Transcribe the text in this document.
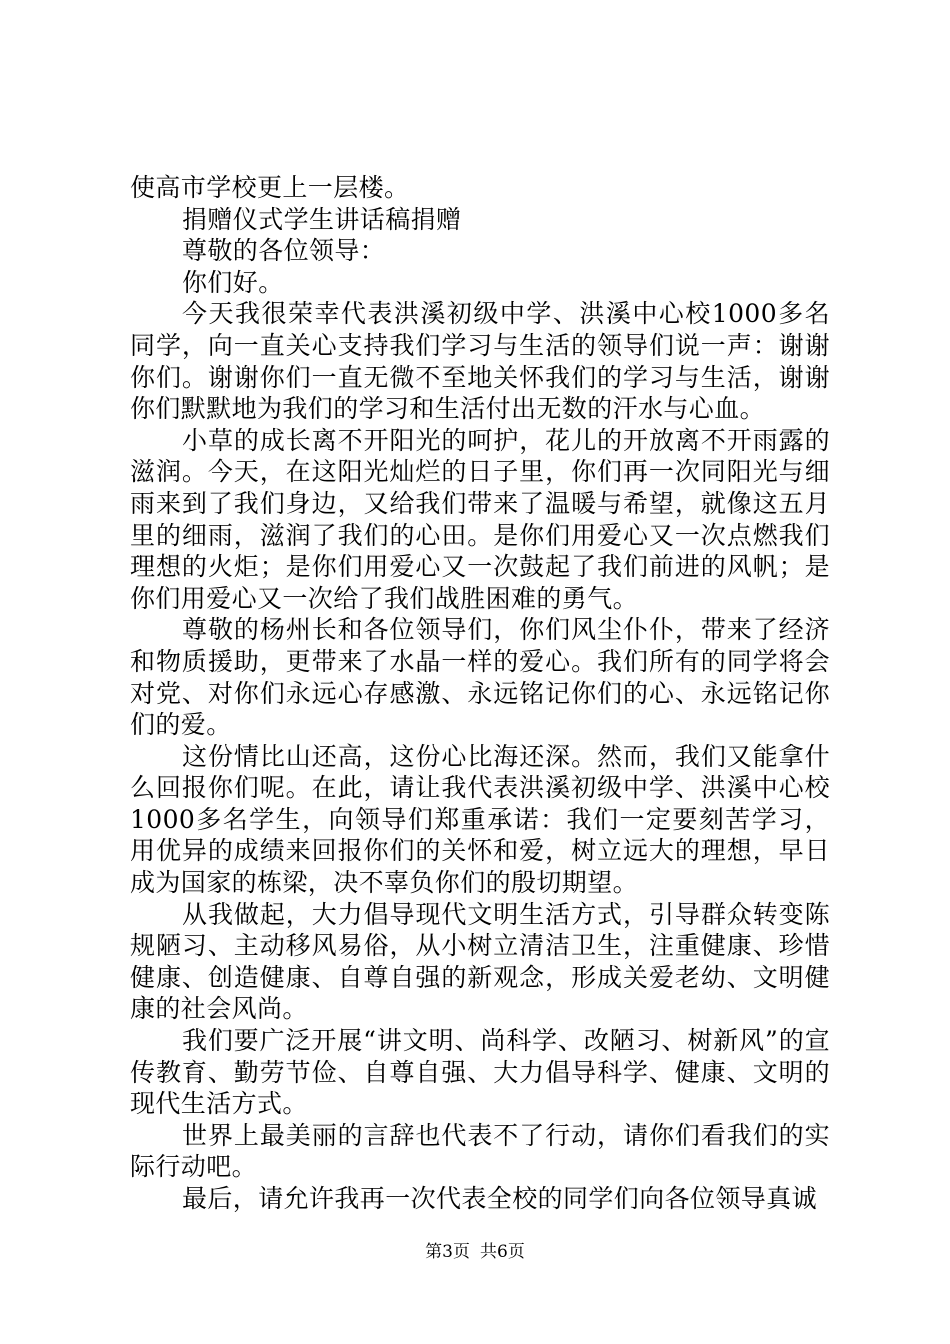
使高市学校更上一层楼。

捐赠仪式学生讲话稿捐赠

尊敬的各位领导：

你们好。

今天我很荣幸代表洪溪初级中学、洪溪中心校1000多名同学，向一直关心支持我们学习与生活的领导们说一声：谢谢你们。谢谢你们一直无微不至地关怀我们的学习与生活，谢谢你们默默地为我们的学习和生活付出无数的汗水与心血。

小草的成长离不开阳光的呵护，花儿的开放离不开雨露的滋润。今天，在这阳光灿烂的日子里，你们再一次同阳光与细雨来到了我们身边，又给我们带来了温暖与希望，就像这五月里的细雨，滋润了我们的心田。是你们用爱心又一次点燃我们理想的火炬；是你们用爱心又一次鼓起了我们前进的风帆；是你们用爱心又一次给了我们战胜困难的勇气。

尊敬的杨州长和各位领导们，你们风尘仆仆，带来了经济和物质援助，更带来了水晶一样的爱心。我们所有的同学将会对党、对你们永远心存感激、永远铭记你们的心、永远铭记你们的爱。

这份情比山还高，这份心比海还深。然而，我们又能拿什么回报你们呢。在此，请让我代表洪溪初级中学、洪溪中心校1000多名学生，向领导们郑重承诺：我们一定要刻苦学习，用优异的成绩来回报你们的关怀和爱，树立远大的理想，早日成为国家的栋梁，决不辜负你们的殷切期望。

从我做起，大力倡导现代文明生活方式，引导群众转变陈规陋习、主动移风易俗，从小树立清洁卫生，注重健康、珍惜健康、创造健康、自尊自强的新观念，形成关爱老幼、文明健康的社会风尚。

我们要广泛开展“讲文明、尚科学、改陋习、树新风”的宣传教育、勤劳节俭、自尊自强、大力倡导科学、健康、文明的现代生活方式。

世界上最美丽的言辞也代表不了行动，请你们看我们的实际行动吧。

最后，请允许我再一次代表全校的同学们向各位领导真诚

第3页 共6页
